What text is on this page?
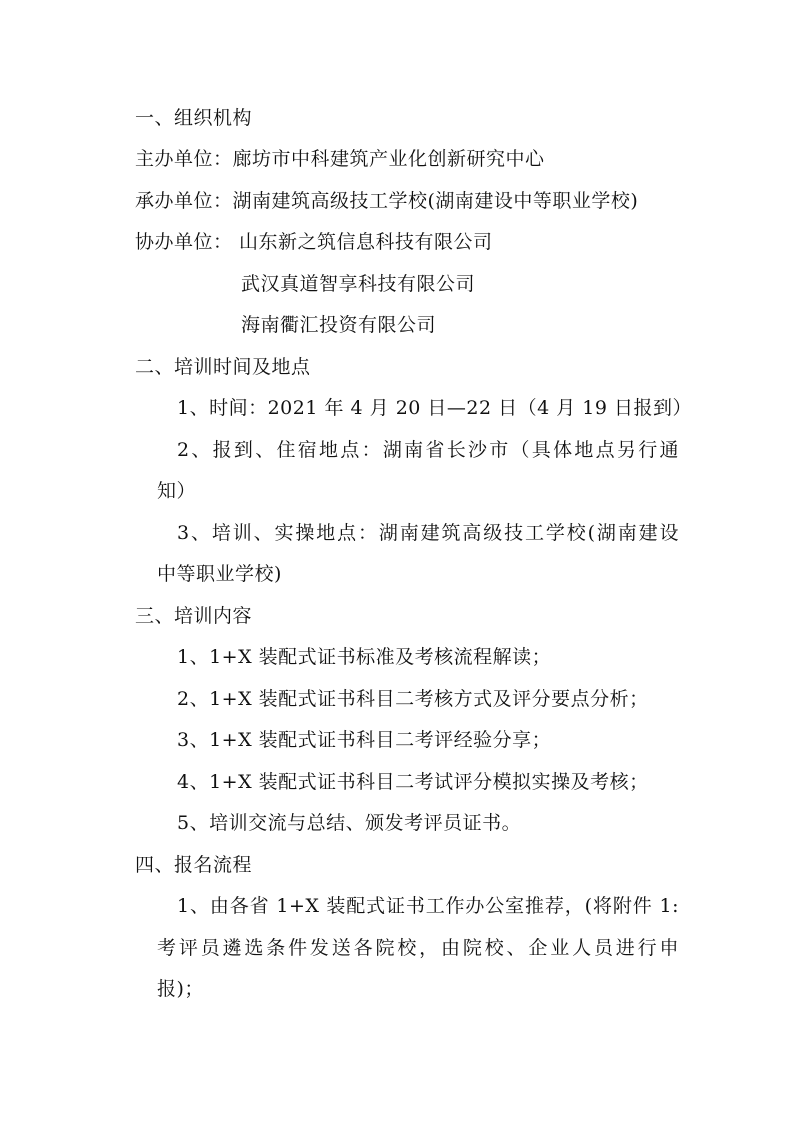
一、组织机构
主办单位：廊坊市中科建筑产业化创新研究中心
承办单位：湖南建筑高级技工学校(湖南建设中等职业学校)
协办单位： 山东新之筑信息科技有限公司
武汉真道智享科技有限公司
海南衢汇投资有限公司
二、培训时间及地点
1、时间：2021 年 4 月 20 日—22 日（4 月 19 日报到）
2、报到、住宿地点：湖南省长沙市（具体地点另行通
知）
3、培训、实操地点：湖南建筑高级技工学校(湖南建设
中等职业学校)
三、培训内容
1、1+X 装配式证书标准及考核流程解读；
2、1+X 装配式证书科目二考核方式及评分要点分析；
3、1+X 装配式证书科目二考评经验分享；
4、1+X 装配式证书科目二考试评分模拟实操及考核；
5、培训交流与总结、颁发考评员证书。
四、报名流程
1、由各省 1+X 装配式证书工作办公室推荐，(将附件 1:
考评员遴选条件发送各院校，由院校、企业人员进行申
报)；
